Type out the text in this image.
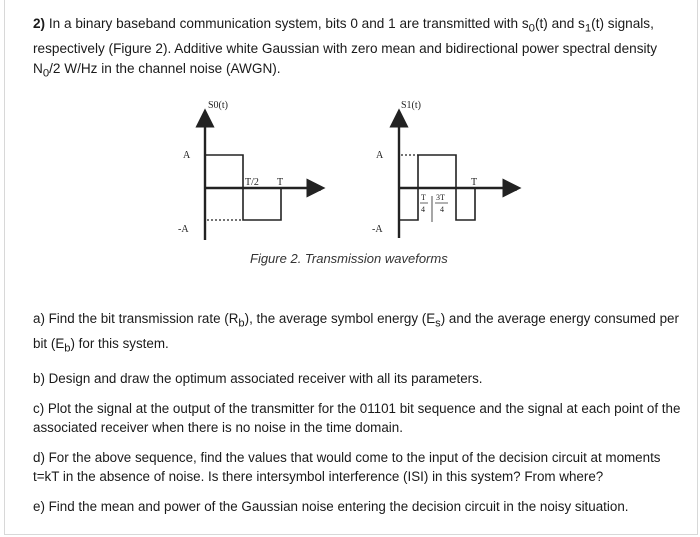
2) In a binary baseband communication system, bits 0 and 1 are transmitted with $s_0(t)$ and $s_1(t)$ signals, respectively (Figure 2). Additive white Gaussian with zero mean and bidirectional power spectral density $N_0/2$ W/Hz in the channel noise (AWGN).
S0(t)
A
-A
T/2 T
t
S1(t)
A
-A
T
4
3T
4
T
t
Figure 2. Transmission waveforms

a) Find the bit transmission rate $(R_b)$, the average symbol energy $(E_s)$ and the average energy consumed per bit $(E_b)$ for this system.

b) Design and draw the optimum associated receiver with all its parameters.

c) Plot the signal at the output of the transmitter for the 01101 bit sequence and the signal at each point of the associated receiver when there is no noise in the time domain.

d) For the above sequence, find the values that would come to the input of the decision circuit at moments t=kT in the absence of noise. Is there intersymbol interference (ISI) in this system? From where?

e) Find the mean and power of the Gaussian noise entering the decision circuit in the noisy situation.
